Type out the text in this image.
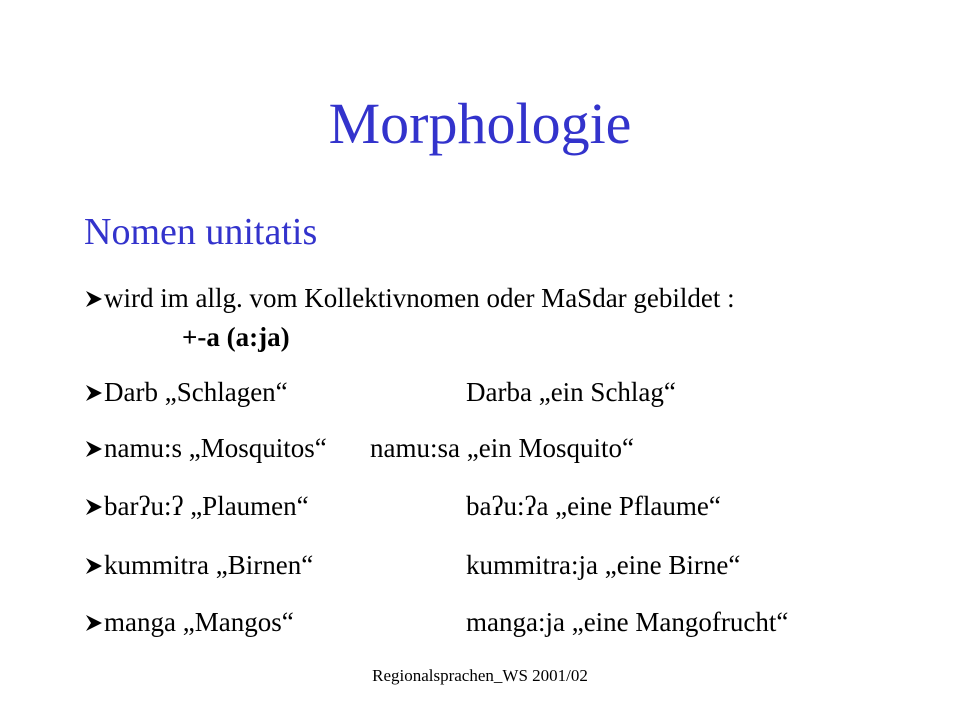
Morphologie
Nomen unitatis
wird im allg. vom Kollektivnomen oder MaSdar gebildet :
+-a (a:ja)
Darb „Schlagen“	Darba „ein Schlag“
namu:s „Mosquitos“ namu:sa „ein Mosquito“
barʔu:ʔ „Plaumen“	baʔu:ʔa „eine Pflaume“
kummitra „Birnen“	kummitra:ja „eine Birne“
manga „Mangos“	manga:ja „eine Mangofrucht“
Regionalsprachen_WS 2001/02
